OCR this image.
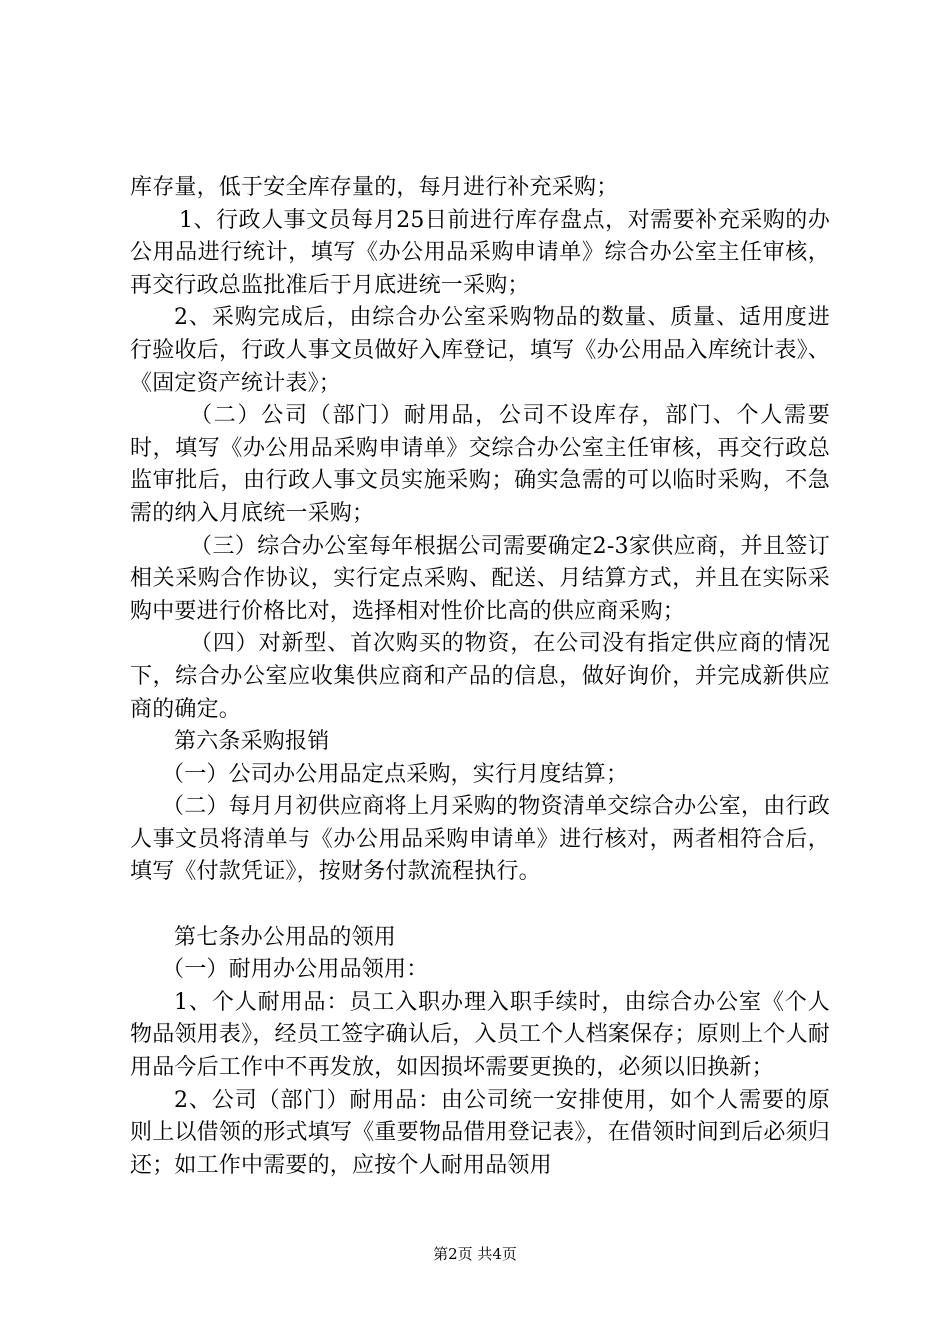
库存量，低于安全库存量的，每月进行补充采购；

1、行政人事文员每月25日前进行库存盘点，对需要补充采购的办公用品进行统计，填写《办公用品采购申请单》综合办公室主任审核，再交行政总监批准后于月底进统一采购；

2、采购完成后，由综合办公室采购物品的数量、质量、适用度进行验收后，行政人事文员做好入库登记，填写《办公用品入库统计表》、《固定资产统计表》；

（二）公司（部门）耐用品，公司不设库存，部门、个人需要时，填写《办公用品采购申请单》交综合办公室主任审核，再交行政总监审批后，由行政人事文员实施采购；确实急需的可以临时采购，不急需的纳入月底统一采购；

（三）综合办公室每年根据公司需要确定2-3家供应商，并且签订相关采购合作协议，实行定点采购、配送、月结算方式，并且在实际采购中要进行价格比对，选择相对性价比高的供应商采购；

（四）对新型、首次购买的物资，在公司没有指定供应商的情况下，综合办公室应收集供应商和产品的信息，做好询价，并完成新供应商的确定。

第六条采购报销

（一）公司办公用品定点采购，实行月度结算；

（二）每月月初供应商将上月采购的物资清单交综合办公室，由行政人事文员将清单与《办公用品采购申请单》进行核对，两者相符合后，填写《付款凭证》，按财务付款流程执行。

第七条办公用品的领用

（一）耐用办公用品领用：

1、个人耐用品：员工入职办理入职手续时，由综合办公室《个人物品领用表》，经员工签字确认后，入员工个人档案保存；原则上个人耐用品今后工作中不再发放，如因损坏需要更换的，必须以旧换新；

2、公司（部门）耐用品：由公司统一安排使用，如个人需要的原则上以借领的形式填写《重要物品借用登记表》，在借领时间到后必须归还；如工作中需要的，应按个人耐用品领用

第2页 共4页
